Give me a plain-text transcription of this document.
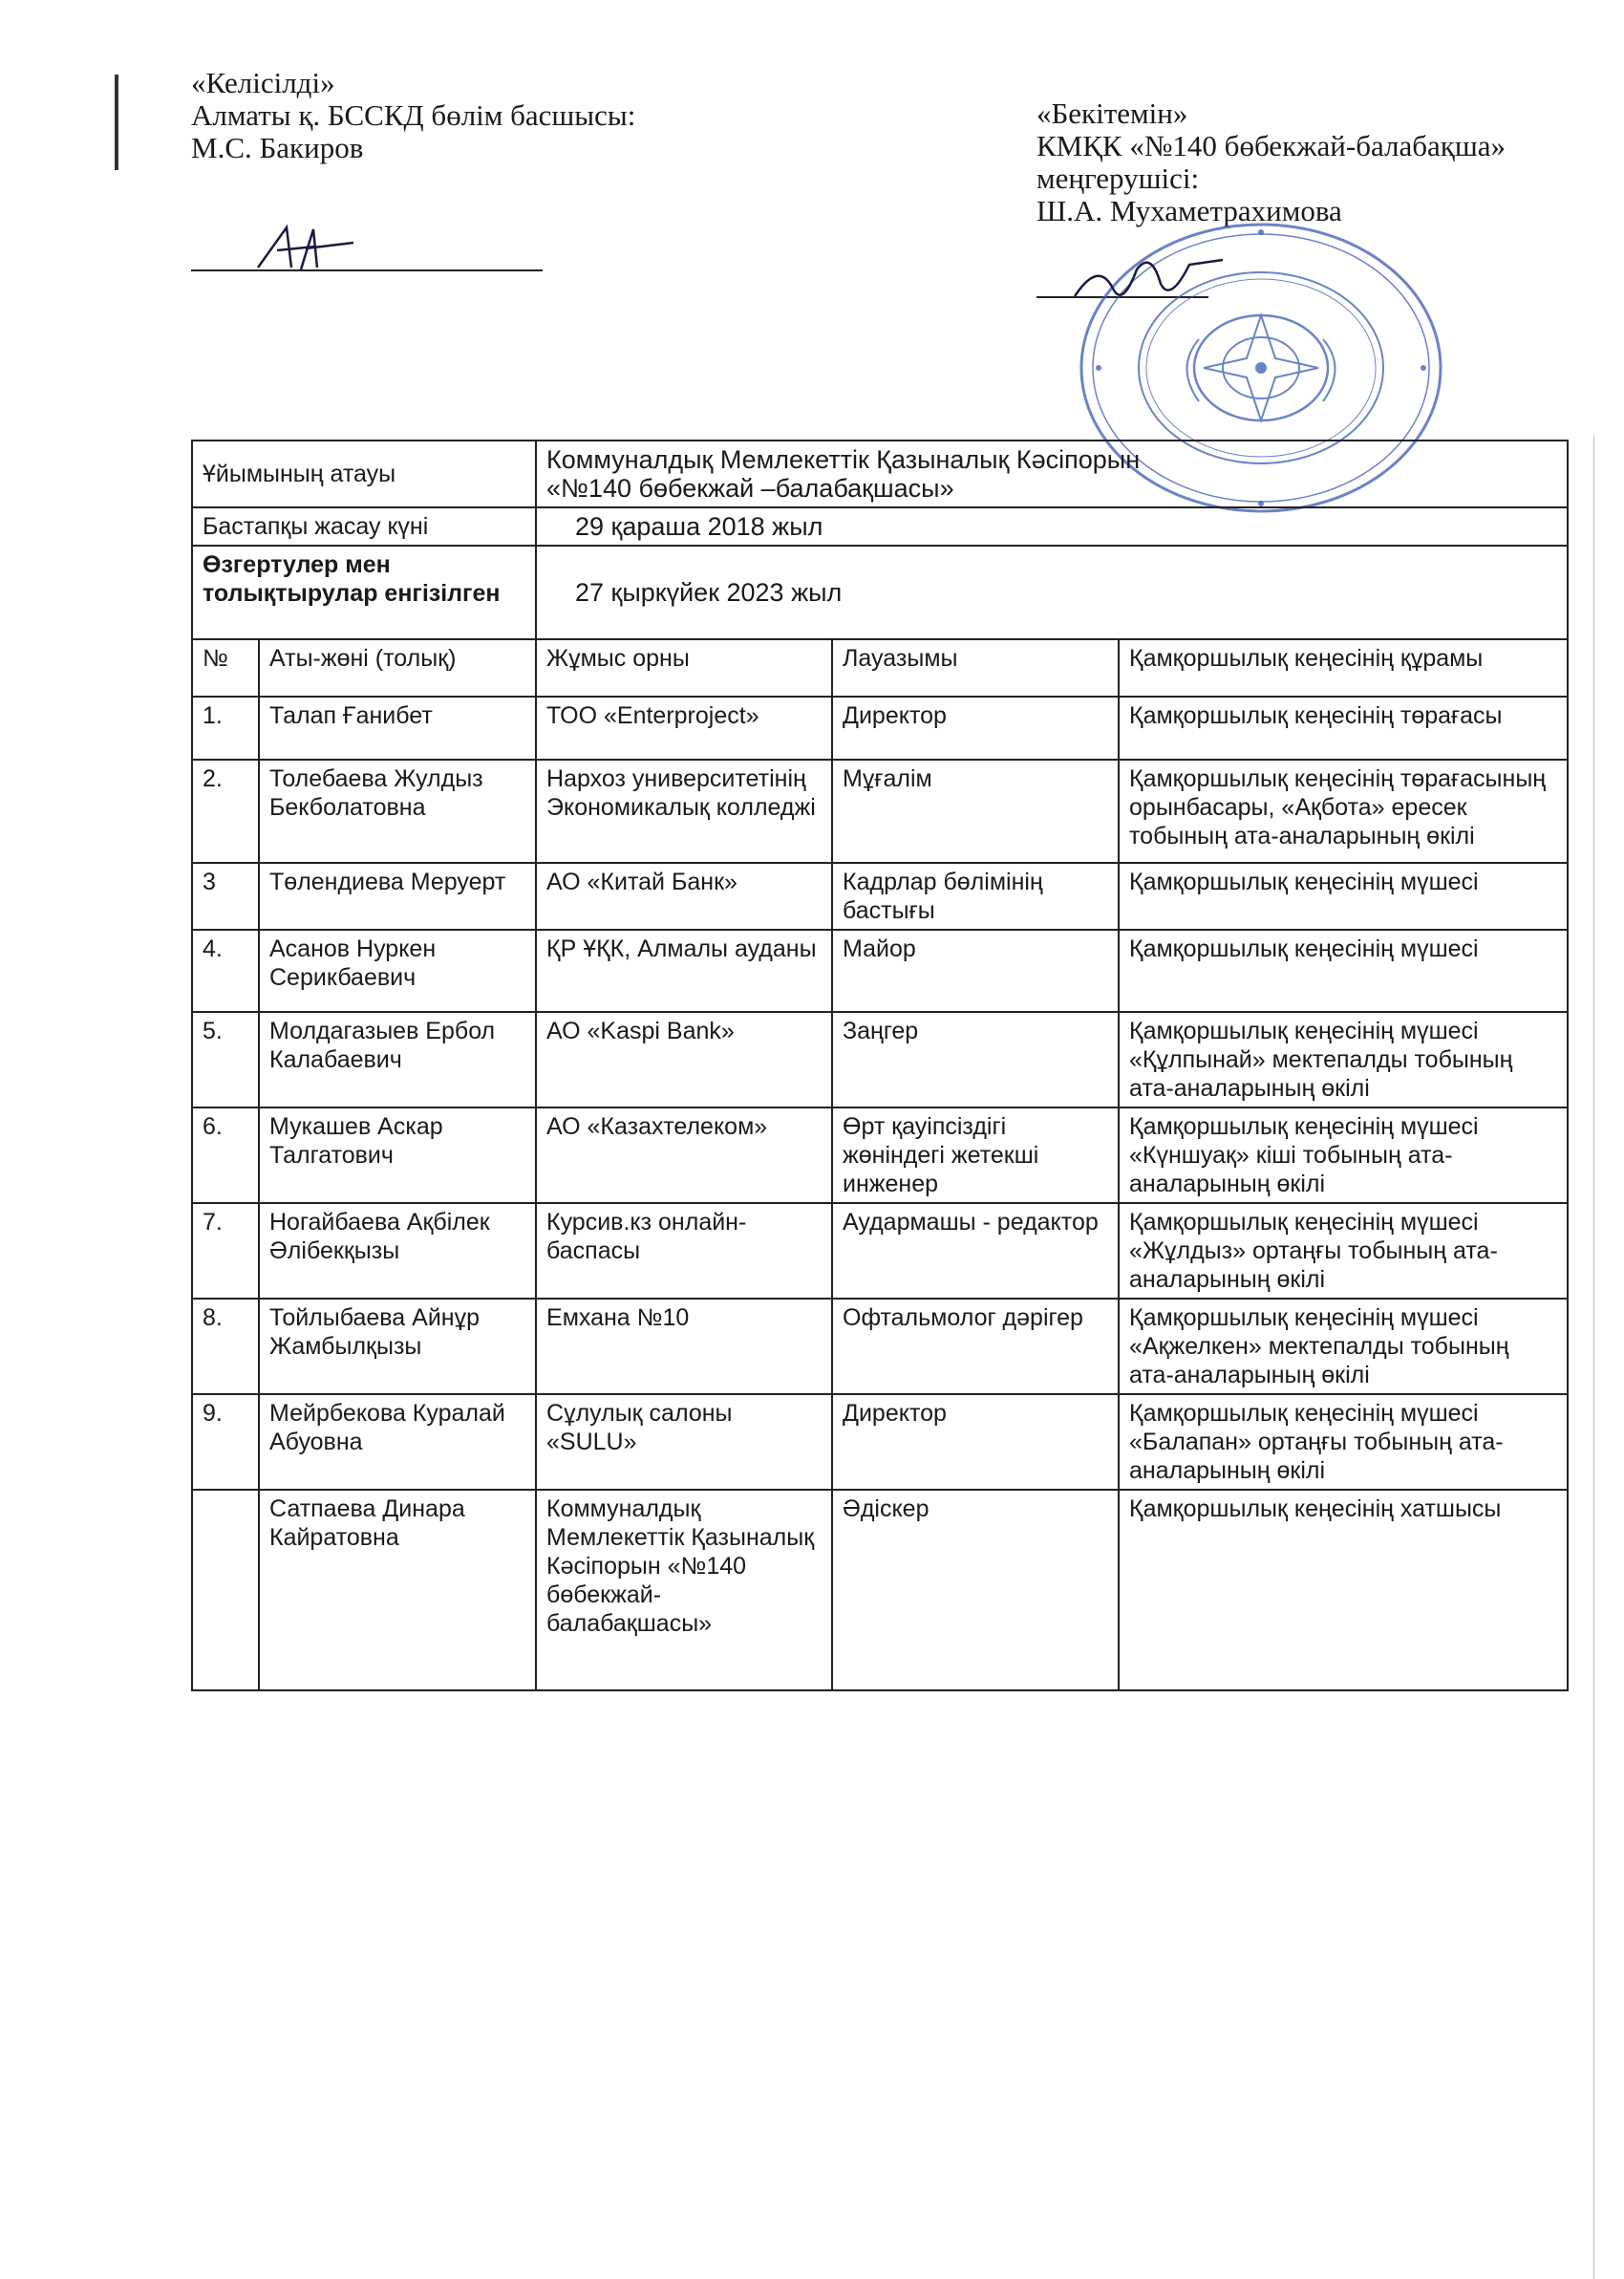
«Келісілді»
Алматы қ. БССКД бөлім басшысы:
М.С. Бакиров
«Бекітемін»
КМҚК «№140 бөбекжай-балабақша»
меңгерушісі:
Ш.А. Мухаметрахимова
Ұйымының атауы		Коммуналдық Мемлекеттік Қазыналық Кәсіпорын
«№140 бөбекжай –балабақшасы»		

Бастапқы жасау күні		29 қараша 2018 жыл		
Өзгертулер мен толықтырулар енгізілген		27 қыркүйек 2023 жыл		
№	Аты-жөні (толық)	Жұмыс орны	Лауазымы	Қамқоршылық кеңесінің құрамы
1.	Талап Ғанибет	ТОО «Enterproject»	Директор	Қамқоршылық кеңесінің төрағасы
2.	Толебаева Жулдыз Бекболатовна	Нархоз университетінің Экономикалық колледжі	Мұғалім	Қамқоршылық кеңесінің төрағасының орынбасары, «Ақбота» ересек тобының ата-аналарының өкілі
3	Төлендиева Меруерт	АО «Китай Банк»	Кадрлар бөлімінің бастығы	Қамқоршылық кеңесінің мүшесі
4.	Асанов Нуркен Серикбаевич	ҚР ҰҚК, Алмалы ауданы	Майор	Қамқоршылық кеңесінің мүшесі
5.	Молдагазыев Ербол Калабаевич	АО «Kaspi Bank»	Заңгер	Қамқоршылық кеңесінің мүшесі «Құлпынай» мектепалды тобының ата-аналарының өкілі
6.	Мукашев Аскар Талгатович	АО «Казахтелеком»	Өрт қауіпсіздігі жөніндегі жетекші инженер	Қамқоршылық кеңесінің мүшесі «Күншуақ» кіші тобының ата-аналарының өкілі
7.	Ногайбаева Ақбілек Әлібекқызы	Курсив.кз онлайн-баспасы	Аудармашы - редактор	Қамқоршылық кеңесінің мүшесі «Жұлдыз» ортаңғы тобының ата-аналарының өкілі
8.	Тойлыбаева Айнұр Жамбылқызы	Емхана №10	Офтальмолог дәрігер	Қамқоршылық кеңесінің мүшесі «Ақжелкен» мектепалды тобының ата-аналарының өкілі
9.	Мейрбекова Куралай Абуовна	Сұлулық салоны «SULU»	Директор	Қамқоршылық кеңесінің мүшесі «Балапан» ортаңғы тобының ата-аналарының өкілі
	Сатпаева Динара Кайратовна	Коммуналдық Мемлекеттік Қазыналық Кәсіпорын «№140 бөбекжай-балабақшасы»	Әдіскер	Қамқоршылық кеңесінің хатшысы
